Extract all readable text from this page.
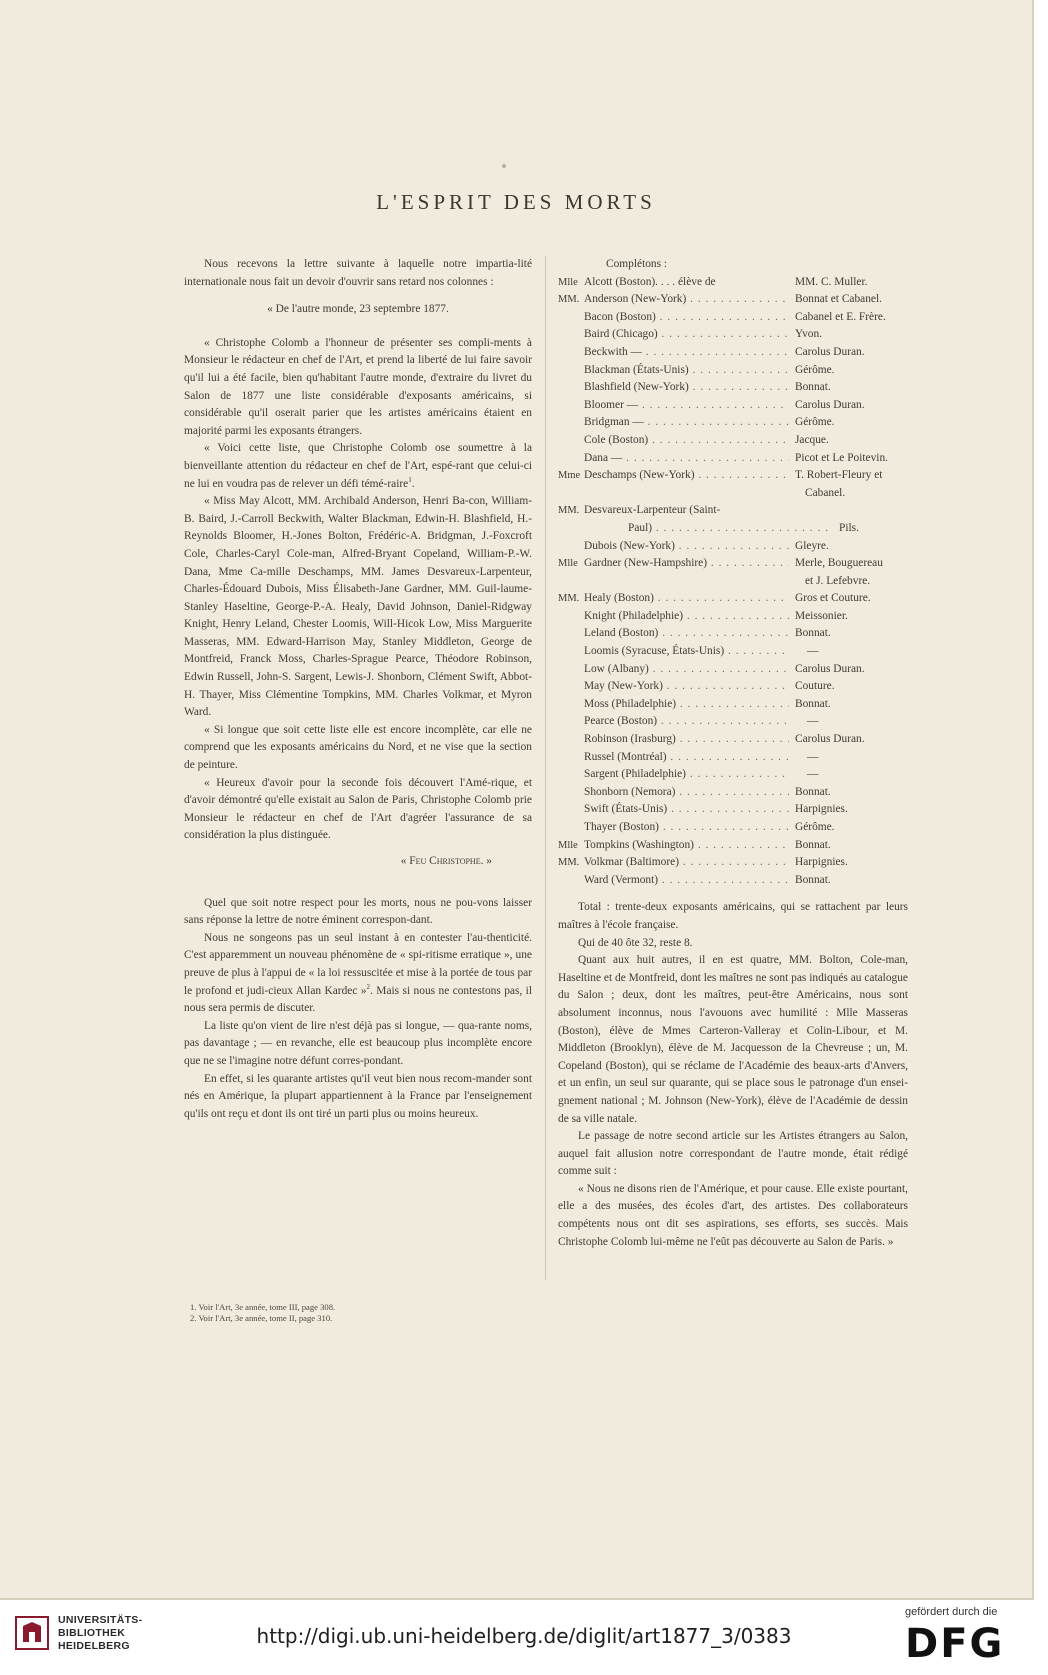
L'ESPRIT DES MORTS

Nous recevons la lettre suivante à laquelle notre impartia-lité internationale nous fait un devoir d'ouvrir sans retard nos colonnes :

« De l'autre monde, 23 septembre 1877.

« Christophe Colomb a l'honneur de présenter ses compli-ments à Monsieur le rédacteur en chef de l'Art, et prend la liberté de lui faire savoir qu'il lui a été facile, bien qu'habitant l'autre monde, d'extraire du livret du Salon de 1877 une liste considérable d'exposants américains, si considérable qu'il oserait parier que les artistes américains étaient en majorité parmi les exposants étrangers.

« Voici cette liste, que Christophe Colomb ose soumettre à la bienveillante attention du rédacteur en chef de l'Art, espé-rant que celui-ci ne lui en voudra pas de relever un défi témé-raire$^1$.

« Miss May Alcott, MM. Archibald Anderson, Henri Ba-con, William-B. Baird, J.-Carroll Beckwith, Walter Blackman, Edwin-H. Blashfield, H.-Reynolds Bloomer, H.-Jones Bolton, Frédéric-A. Bridgman, J.-Foxcroft Cole, Charles-Caryl Cole-man, Alfred-Bryant Copeland, William-P.-W. Dana, Mme Ca-mille Deschamps, MM. James Desvareux-Larpenteur, Charles-Édouard Dubois, Miss Élisabeth-Jane Gardner, MM. Guil-laume-Stanley Haseltine, George-P.-A. Healy, David Johnson, Daniel-Ridgway Knight, Henry Leland, Chester Loomis, Will-Hicok Low, Miss Marguerite Masseras, MM. Edward-Harrison May, Stanley Middleton, George de Montfreid, Franck Moss, Charles-Sprague Pearce, Théodore Robinson, Edwin Russell, John-S. Sargent, Lewis-J. Shonborn, Clément Swift, Abbot-H. Thayer, Miss Clémentine Tompkins, MM. Charles Volkmar, et Myron Ward.

« Si longue que soit cette liste elle est encore incomplète, car elle ne comprend que les exposants américains du Nord, et ne vise que la section de peinture.

« Heureux d'avoir pour la seconde fois découvert l'Amé-rique, et d'avoir démontré qu'elle existait au Salon de Paris, Christophe Colomb prie Monsieur le rédacteur en chef de l'Art d'agréer l'assurance de sa considération la plus distinguée.

« Feu Christophe. »

Quel que soit notre respect pour les morts, nous ne pou-vons laisser sans réponse la lettre de notre éminent correspon-dant.

Nous ne songeons pas un seul instant à en contester l'au-thenticité. C'est apparemment un nouveau phénomène de « spi-ritisme erratique », une preuve de plus à l'appui de « la loi ressuscitée et mise à la portée de tous par le profond et judi-cieux Allan Kardec »$^2$. Mais si nous ne contestons pas, il nous sera permis de discuter.

La liste qu'on vient de lire n'est déjà pas si longue, — qua-rante noms, pas davantage ; — en revanche, elle est beaucoup plus incomplète encore que ne se l'imagine notre défunt corres-pondant.

En effet, si les quarante artistes qu'il veut bien nous recom-mander sont nés en Amérique, la plupart appartiennent à la France par l'enseignement qu'ils ont reçu et dont ils ont tiré un parti plus ou moins heureux.

Complétons :

Mlle Alcott (Boston). . . . élève de	MM. C. Muller.
MM. Anderson (New-York) . . .	Bonnat et Cabanel.
Bacon (Boston) . . .	Cabanel et E. Frère.
Baird (Chicago) . . .	Yvon.
Beckwith — . . .	Carolus Duran.
Blackman (États-Unis) . . .	Gérôme.
Blashfield (New-York) . . .	Bonnat.
Bloomer — . . .	Carolus Duran.
Bridgman — . . .	Gérôme.
Cole (Boston) . . .	Jacque.
Dana — . . .	Picot et Le Poitevin.
Mme Deschamps (New-York) . . .	T. Robert-Fleury et
Cabanel.
MM. Desvareux-Larpenteur (Saint-
Paul) . . .	Pils.
Dubois (New-York) . . .	Gleyre.
Mlle Gardner (New-Hampshire) . . .	Merle, Bouguereau
et J. Lefebvre.
MM. Healy (Boston) . . .	Gros et Couture.
Knight (Philadelphie) . . .	Meissonier.
Leland (Boston) . . .	Bonnat.
Loomis (Syracuse, États-Unis) . . .	—
Low (Albany) . . .	Carolus Duran.
May (New-York) . . .	Couture.
Moss (Philadelphie) . . .	Bonnat.
Pearce (Boston) . . .	—
Robinson (Irasburg) . . .	Carolus Duran.
Russel (Montréal) . . .	—
Sargent (Philadelphie) . . .	—
Shonborn (Nemora) . . .	Bonnat.
Swift (États-Unis) . . .	Harpignies.
Thayer (Boston) . . .	Gérôme.
Mlle Tompkins (Washington) . . .	Bonnat.
MM. Volkmar (Baltimore) . . .	Harpignies.
Ward (Vermont) . . .	Bonnat.

Total : trente-deux exposants américains, qui se rattachent par leurs maîtres à l'école française.

Qui de 40 ôte 32, reste 8.

Quant aux huit autres, il en est quatre, MM. Bolton, Cole-man, Haseltine et de Montfreid, dont les maîtres ne sont pas indiqués au catalogue du Salon ; deux, dont les maîtres, peut-être Américains, nous sont absolument inconnus, nous l'avouons avec humilité : Mlle Masseras (Boston), élève de Mmes Carteron-Valleray et Colin-Libour, et M. Middleton (Brooklyn), élève de M. Jacquesson de la Chevreuse ; un, M. Copeland (Boston), qui se réclame de l'Académie des beaux-arts d'Anvers, et un enfin, un seul sur quarante, qui se place sous le patronage d'un ensei-gnement national ; M. Johnson (New-York), élève de l'Académie de dessin de sa ville natale.

Le passage de notre second article sur les Artistes étrangers au Salon, auquel fait allusion notre correspondant de l'autre monde, était rédigé comme suit :

« Nous ne disons rien de l'Amérique, et pour cause. Elle existe pourtant, elle a des musées, des écoles d'art, des artistes. Des collaborateurs compétents nous ont dit ses aspirations, ses efforts, ses succès. Mais Christophe Colomb lui-même ne l'eût pas découverte au Salon de Paris. »

1. Voir l'Art, 3e année, tome III, page 308.
2. Voir l'Art, 3e année, tome II, page 310.
UNIVERSITÄTS-
BIBLIOTHEK
HEIDELBERG	http://digi.ub.uni-heidelberg.de/diglit/art1877_3/0383
gefördert durch die
DFG
